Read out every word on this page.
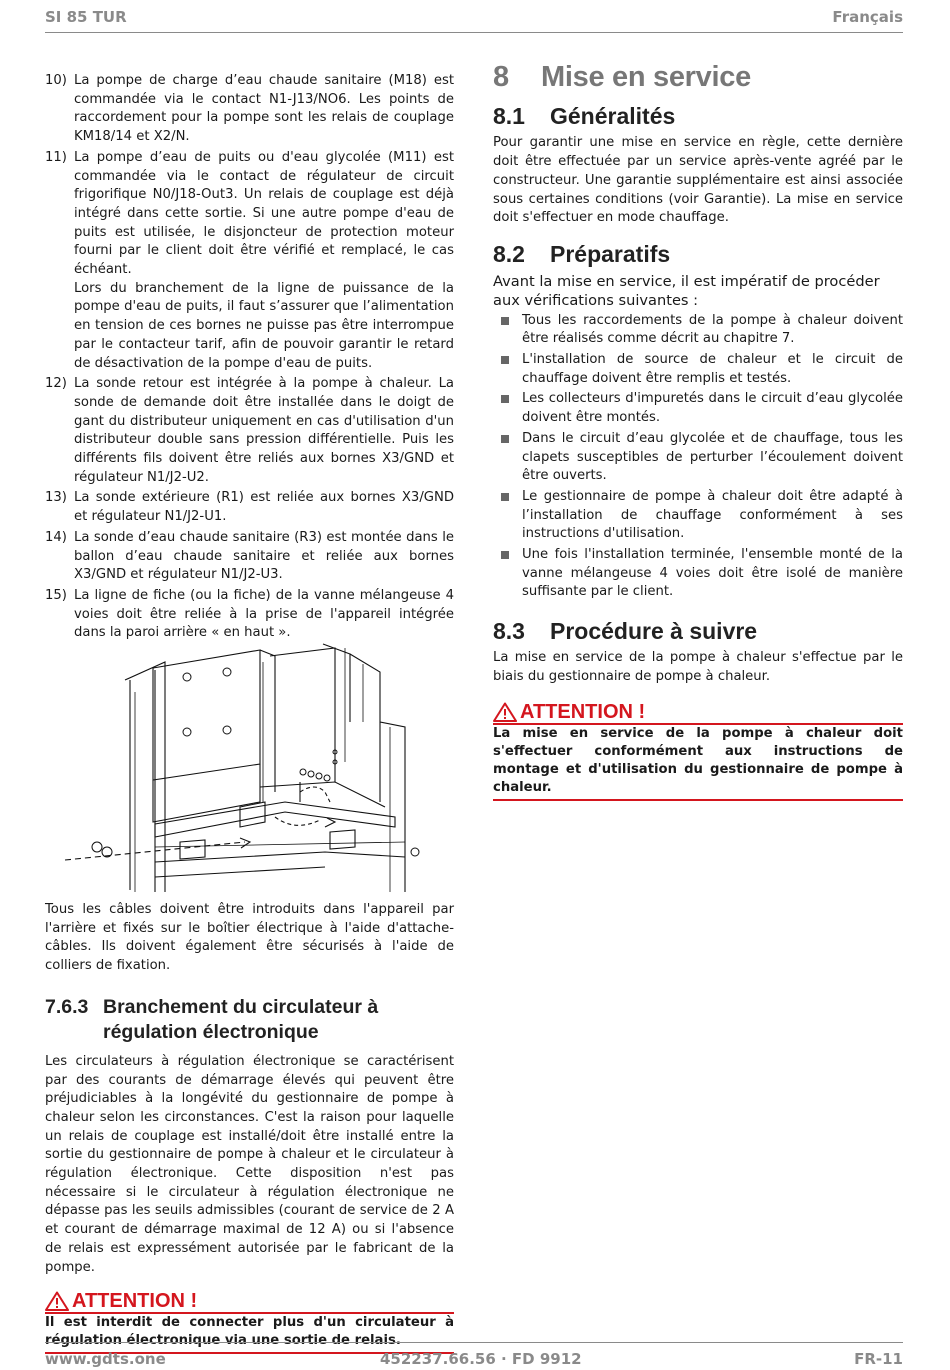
SI 85 TUR	Français
10) La pompe de charge d’eau chaude sanitaire (M18) est commandée via le contact N1-J13/NO6. Les points de raccordement pour la pompe sont les relais de couplage KM18/14 et X2/N.
11) La pompe d’eau de puits ou d'eau glycolée (M11) est commandée via le contact de régulateur de circuit frigorifique N0/J18-Out3. Un relais de couplage est déjà intégré dans cette sortie. Si une autre pompe d'eau de puits est utilisée, le disjoncteur de protection moteur fourni par le client doit être vérifié et remplacé, le cas échéant.
Lors du branchement de la ligne de puissance de la pompe d'eau de puits, il faut s’assurer que l’alimentation en tension de ces bornes ne puisse pas être interrompue par le contacteur tarif, afin de pouvoir garantir le retard de désactivation de la pompe d'eau de puits.
12) La sonde retour est intégrée à la pompe à chaleur. La sonde de demande doit être installée dans le doigt de gant du distributeur uniquement en cas d'utilisation d'un distributeur double sans pression différentielle. Puis les différents fils doivent être reliés aux bornes X3/GND et régulateur N1/J2-U2.
13) La sonde extérieure (R1) est reliée aux bornes X3/GND et régulateur N1/J2-U1.
14) La sonde d’eau chaude sanitaire (R3) est montée dans le ballon d’eau chaude sanitaire et reliée aux bornes X3/GND et régulateur N1/J2-U3.
15) La ligne de fiche (ou la fiche) de la vanne mélangeuse 4 voies doit être reliée à la prise de l'appareil intégrée dans la paroi arrière « en haut ».

Tous les câbles doivent être introduits dans l'appareil par l'arrière et fixés sur le boîtier électrique à l'aide d'attache-câbles. Ils doivent également être sécurisés à l'aide de colliers de fixation.

7.6.3 Branchement du circulateur à régulation électronique

Les circulateurs à régulation électronique se caractérisent par des courants de démarrage élevés qui peuvent être préjudiciables à la longévité du gestionnaire de pompe à chaleur selon les circonstances. C'est la raison pour laquelle un relais de couplage est installé/doit être installé entre la sortie du gestionnaire de pompe à chaleur et le circulateur à régulation électronique. Cette disposition n'est pas nécessaire si le circulateur à régulation électronique ne dépasse pas les seuils admissibles (courant de service de 2 A et courant de démarrage maximal de 12 A) ou si l'absence de relais est expressément autorisée par le fabricant de la pompe.

ATTENTION !
Il est interdit de connecter plus d'un circulateur à régulation électronique via une sortie de relais.
8 Mise en service
8.1 Généralités

Pour garantir une mise en service en règle, cette dernière doit être effectuée par un service après-vente agréé par le constructeur. Une garantie supplémentaire est ainsi associée sous certaines conditions (voir Garantie). La mise en service doit s'effectuer en mode chauffage.

8.2 Préparatifs

Avant la mise en service, il est impératif de procéder aux vérifications suivantes :

Tous les raccordements de la pompe à chaleur doivent être réalisés comme décrit au chapitre 7.
L'installation de source de chaleur et le circuit de chauffage doivent être remplis et testés.
Les collecteurs d'impuretés dans le circuit d’eau glycolée doivent être montés.
Dans le circuit d’eau glycolée et de chauffage, tous les clapets susceptibles de perturber l’écoulement doivent être ouverts.
Le gestionnaire de pompe à chaleur doit être adapté à l’installation de chauffage conformément à ses instructions d'utilisation.
Une fois l'installation terminée, l'ensemble monté de la vanne mélangeuse 4 voies doit être isolé de manière suffisante par le client.
8.3 Procédure à suivre

La mise en service de la pompe à chaleur s'effectue par le biais du gestionnaire de pompe à chaleur.

ATTENTION !
La mise en service de la pompe à chaleur doit s'effectuer conformément aux instructions de montage et d'utilisation du gestionnaire de pompe à chaleur.
www.gdts.one	452237.66.56 · FD 9912	FR-11
